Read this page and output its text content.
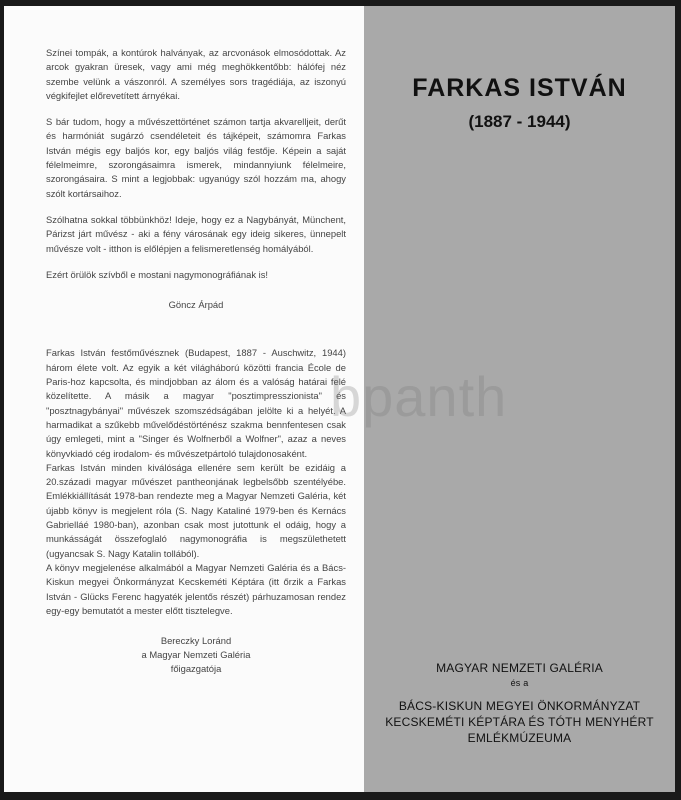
Színei tompák, a kontúrok halványak, az arcvonások elmosódottak. Az arcok gyakran üresek, vagy ami még meghökkentőbb: hálófej néz szembe velünk a vászonról. A személyes sors tragédiája, az iszonyú végkifejlet előrevetített árnyékai.

S bár tudom, hogy a művészettörténet számon tartja akvarelljeit, derűt és harmóniát sugárzó csendéleteit és tájképeit, számomra Farkas István mégis egy baljós kor, egy baljós világ festője. Képein a saját félelmeimre, szorongásaimra ismerek, mindannyiunk félelmeire, szorongásaira. S mint a legjobbak: ugyanúgy szól hozzám ma, ahogy szólt kortársaihoz.

Szólhatna sokkal többünkhöz! Ideje, hogy ez a Nagybányát, Münchent, Párizst járt művész - aki a fény városának egy ideig sikeres, ünnepelt művésze volt - itthon is előlépjen a felismeretlenség homályából.

Ezért örülök szívből e mostani nagymonográfiának is!

Göncz Árpád

Farkas István festőművésznek (Budapest, 1887 - Auschwitz, 1944) három élete volt. Az egyik a két világháború közötti francia École de Paris-hoz kapcsolta, és mindjobban az álom és a valóság határai felé közelítette. A másik a magyar "posztimpresszionista" és "posztnagybányai" művészek szomszédságában jelölte ki a helyét. A harmadikat a szűkebb művelődéstörténész szakma bennfentesen csak úgy emlegeti, mint a "Singer és Wolfnerből a Wolfner", azaz a neves könyvkiadó cég irodalom- és művészetpártoló tulajdonosaként.

Farkas István minden kiválósága ellenére sem került be ezidáig a 20.századi magyar művészet pantheonjának legbelsőbb szentélyébe. Emlékkiállítását 1978-ban rendezte meg a Magyar Nemzeti Galéria, két újabb könyv is megjelent róla (S. Nagy Kataliné 1979-ben és Kernács Gabrielláé 1980-ban), azonban csak most jutottunk el odáig, hogy a munkásságát összefoglaló nagymonográfia is megszülethetett (ugyancsak S. Nagy Katalin tollából).

A könyv megjelenése alkalmából a Magyar Nemzeti Galéria és a Bács-Kiskun megyei Önkormányzat Kecskeméti Képtára (itt őrzik a Farkas István - Glücks Ferenc hagyaték jelentős részét) párhuzamosan rendez egy-egy bemutatót a mester előtt tisztelegve.

Bereczky Loránd

a Magyar Nemzeti Galéria

főigazgatója

FARKAS ISTVÁN
(1887 - 1944)
MAGYAR NEMZETI GALÉRIA
és a
BÁCS-KISKUN MEGYEI ÖNKORMÁNYZAT
KECSKEMÉTI KÉPTÁRA ÉS TÓTH MENYHÉRT
EMLÉKMÚZEUMA
bpanth
